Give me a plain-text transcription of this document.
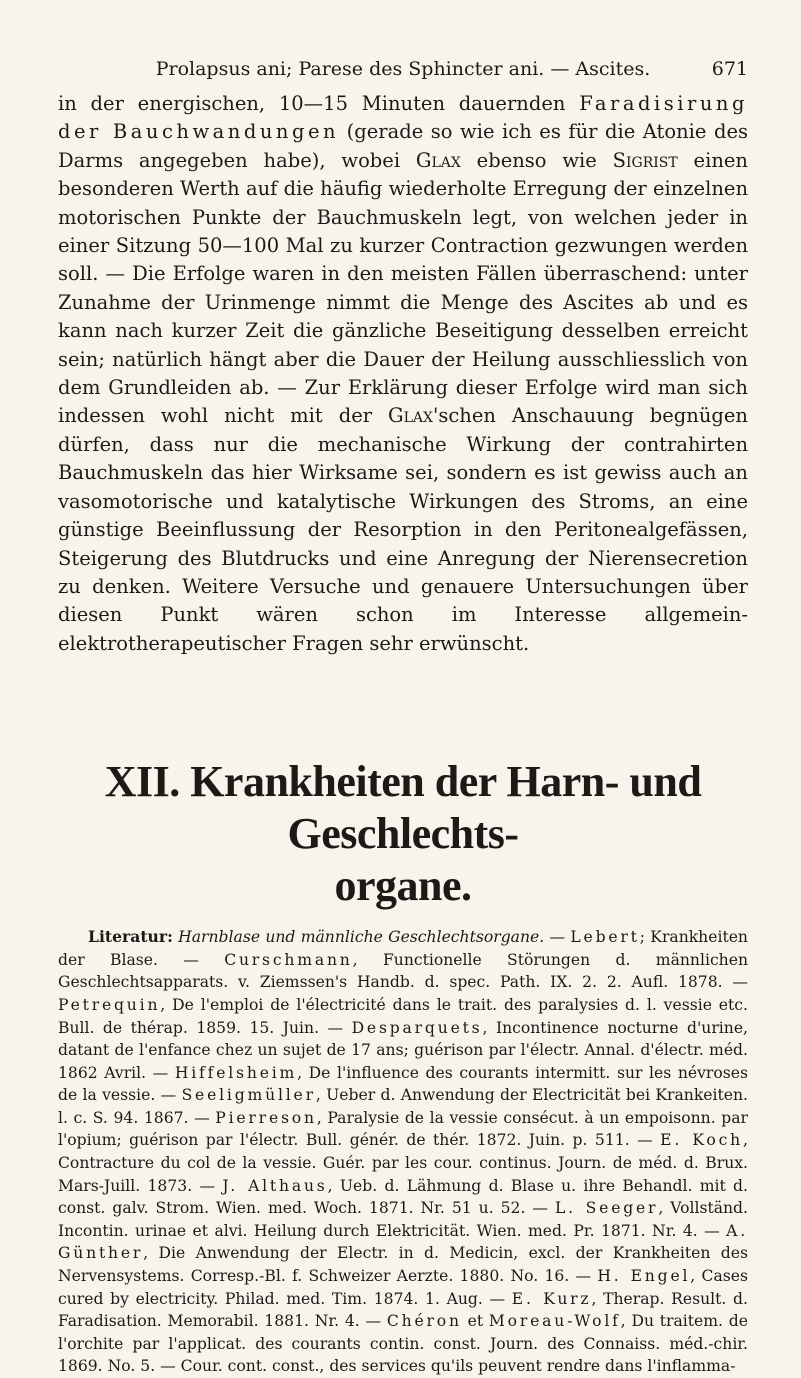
Prolapsus ani; Parese des Sphincter ani. — Ascites.	671

in der energischen, 10—15 Minuten dauernden Faradisirung der Bauchwandungen (gerade so wie ich es für die Atonie des Darms angegeben habe), wobei Glax ebenso wie Sigrist einen besonderen Werth auf die häufig wiederholte Erregung der einzelnen motorischen Punkte der Bauchmuskeln legt, von welchen jeder in einer Sitzung 50—100 Mal zu kurzer Contraction gezwungen werden soll. — Die Erfolge waren in den meisten Fällen überraschend: unter Zunahme der Urinmenge nimmt die Menge des Ascites ab und es kann nach kurzer Zeit die gänzliche Beseitigung desselben erreicht sein; natürlich hängt aber die Dauer der Heilung ausschliesslich von dem Grundleiden ab. — Zur Erklärung dieser Erfolge wird man sich indessen wohl nicht mit der Glax'schen Anschauung begnügen dürfen, dass nur die mechanische Wirkung der contrahirten Bauchmuskeln das hier Wirksame sei, sondern es ist gewiss auch an vasomotorische und katalytische Wirkungen des Stroms, an eine günstige Beeinflussung der Resorption in den Peritonealgefässen, Steigerung des Blutdrucks und eine Anregung der Nierensecretion zu denken. Weitere Versuche und genauere Untersuchungen über diesen Punkt wären schon im Interesse allgemein-elektrotherapeutischer Fragen sehr erwünscht.

XII. Krankheiten der Harn- und Geschlechts-
organe.

Literatur: Harnblase und männliche Geschlechtsorgane. — Lebert; Krankheiten der Blase. — Curschmann, Functionelle Störungen d. männlichen Geschlechtsapparats. v. Ziemssen's Handb. d. spec. Path. IX. 2. 2. Aufl. 1878. — Petrequin, De l'emploi de l'électricité dans le trait. des paralysies d. l. vessie etc. Bull. de thérap. 1859. 15. Juin. — Desparquets, Incontinence nocturne d'urine, datant de l'enfance chez un sujet de 17 ans; guérison par l'électr. Annal. d'électr. méd. 1862 Avril. — Hiffelsheim, De l'influence des courants intermitt. sur les névroses de la vessie. — Seeligmüller, Ueber d. Anwendung der Electricität bei Krankeiten. l. c. S. 94. 1867. — Pierreson, Paralysie de la vessie consécut. à un empoisonn. par l'opium; guérison par l'électr. Bull. génér. de thér. 1872. Juin. p. 511. — E. Koch, Contracture du col de la vessie. Guér. par les cour. continus. Journ. de méd. d. Brux. Mars-Juill. 1873. — J. Althaus, Ueb. d. Lähmung d. Blase u. ihre Behandl. mit d. const. galv. Strom. Wien. med. Woch. 1871. Nr. 51 u. 52. — L. Seeger, Vollständ. Incontin. urinae et alvi. Heilung durch Elektricität. Wien. med. Pr. 1871. Nr. 4. — A. Günther, Die Anwendung der Electr. in d. Medicin, excl. der Krankheiten des Nervensystems. Corresp.-Bl. f. Schweizer Aerzte. 1880. No. 16. — H. Engel, Cases cured by electricity. Philad. med. Tim. 1874. 1. Aug. — E. Kurz, Therap. Result. d. Faradisation. Memorabil. 1881. Nr. 4. — Chéron et Moreau-Wolf, Du traitem. de l'orchite par l'applicat. des courants contin. const. Journ. des Connaiss. méd.-chir. 1869. No. 5. — Cour. cont. const., des services qu'ils peuvent rendre dans l'inflamma-
